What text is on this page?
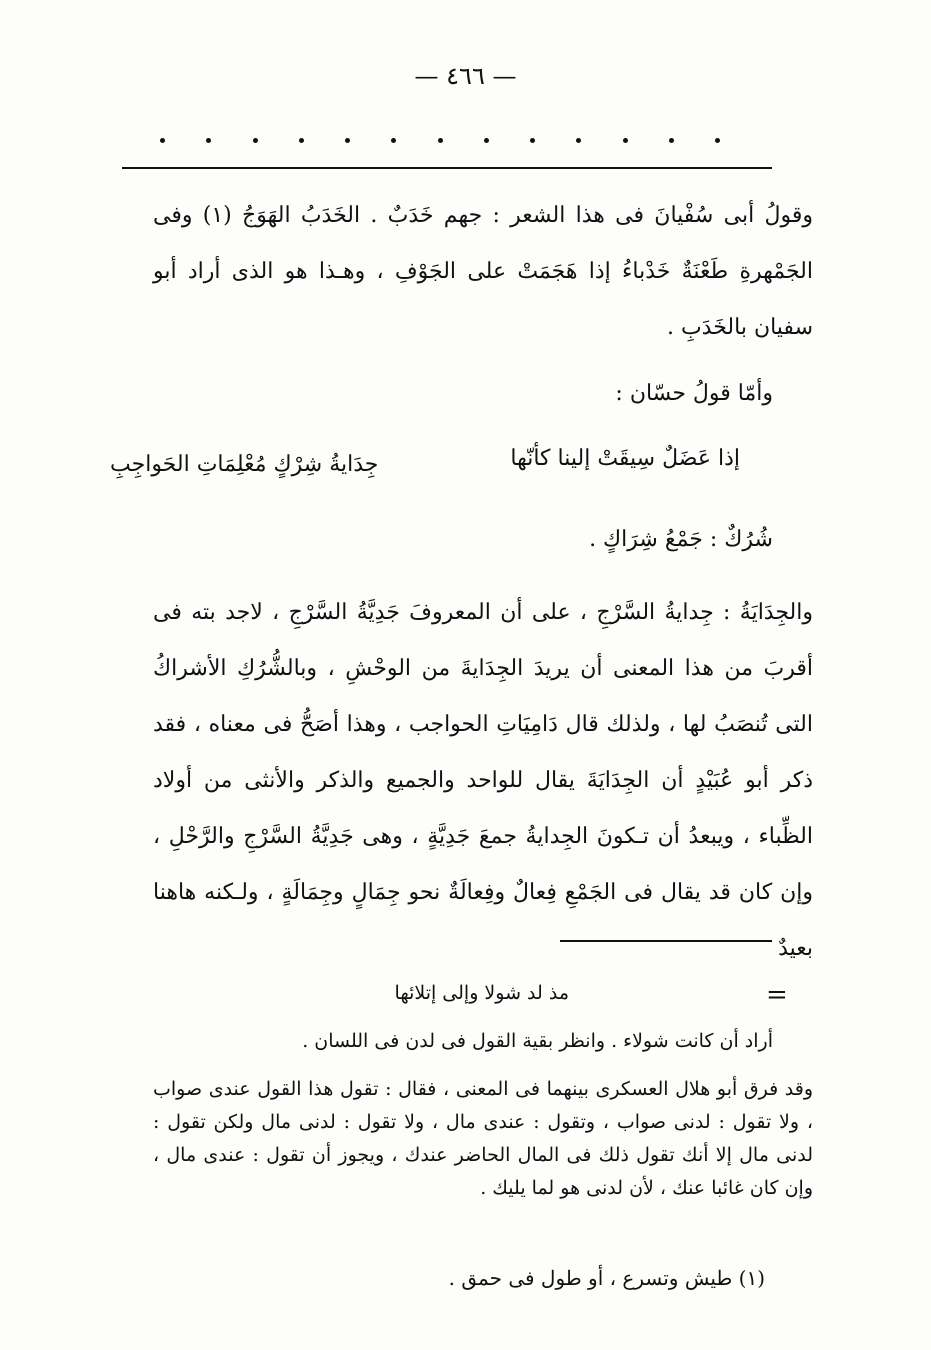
— ٤٦٦ —

وقولُ أبى سُفْيانَ فى هذا الشعر : جهم خَدَبٌ . الخَدَبُ الهَوَجُ (١) وفى الجَمْهرةِ طَعْنَةٌ خَدْباءُ إذا هَجَمَتْ على الجَوْفِ ، وهـذا هو الذى أراد أبو سفيان بالخَدَبِ .

وأمّا قولُ حسّان :

إذا عَضَلٌ سِيقَتْ إلينا كأنّها
جِدَايةُ شِرْكٍ مُعْلِمَاتِ الحَواجِبِ

شُرُكٌ : جَمْعُ شِرَاكٍ .

والجِدَايَةُ : جِدايةُ السَّرْجِ ، على أن المعروفَ جَدِيَّةُ السَّرْجِ ، لاجد بته فى أقربَ من هذا المعنى أن يريدَ الجِدَايةَ من الوحْشِ ، وبالشُّرُكِ الأشراكُ التى تُنصَبُ لها ، ولذلك قال دَامِيَاتِ الحواجب ، وهذا أصَحُّ فى معناه ، فقد ذكر أبو عُبَيْدٍ أن الجِدَايَةَ يقال للواحد والجميع والذكر والأنثى من أولاد الظِّباء ، ويبعدُ أن تـكونَ الجِدايةُ جمعَ جَدِيَّةٍ ، وهى جَدِيَّةُ السَّرْجِ والرَّحْلِ ، وإن كان قد يقال فى الجَمْعِ فِعالٌ وفِعالَةٌ نحو جِمَالٍ وجِمَالَةٍ ، ولـكنه هاهنا بعيدٌ

=
مذ لد شولا وإلى إتلائها

أراد أن كانت شولاء . وانظر بقية القول فى لدن فى اللسان .

وقد فرق أبو هلال العسكرى بينهما فى المعنى ، فقال : تقول هذا القول عندى صواب ، ولا تقول : لدنى صواب ، وتقول : عندى مال ، ولا تقول : لدنى مال ولكن تقول : لدنى مال إلا أنك تقول ذلك فى المال الحاضر عندك ، ويجوز أن تقول : عندى مال ، وإن كان غائبا عنك ، لأن لدنى هو لما يليك .

(١) طيش وتسرع ، أو طول فى حمق .
